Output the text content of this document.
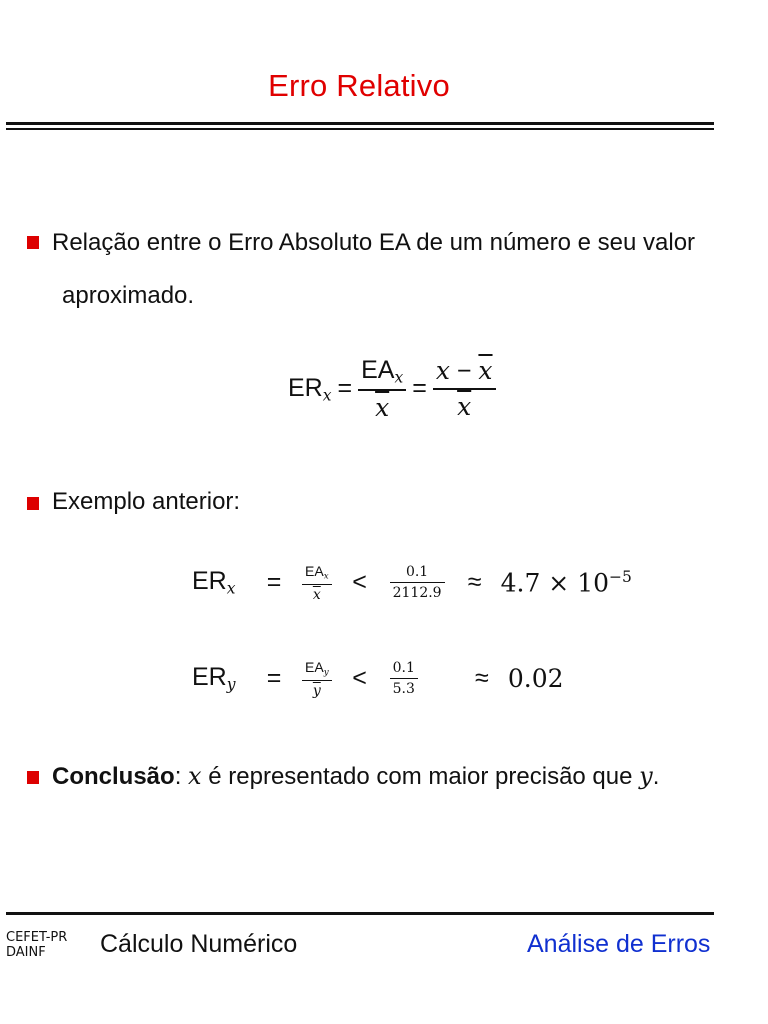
Erro Relativo
Relação entre o Erro Absoluto EA de um número e seu valor
aproximado.
$ER_x = \frac{EA_x}{x} = \frac{x - \overline{x}}{x}$
Exemplo anterior:
$ER_x$	=	$\frac{EA_x}{x}$ <	$\frac{0.1}{2112.9} \approx 4.7 \times 10^{-5}$
$ER_y$	=	$\frac{EA_y}{y}$ <	$\frac{0.1}{5.3}$	≈ 0.02
Conclusão: x é representado com maior precisão que y.
CEFET-PR
DAINF	Cálculo Numérico	Análise de Erros
